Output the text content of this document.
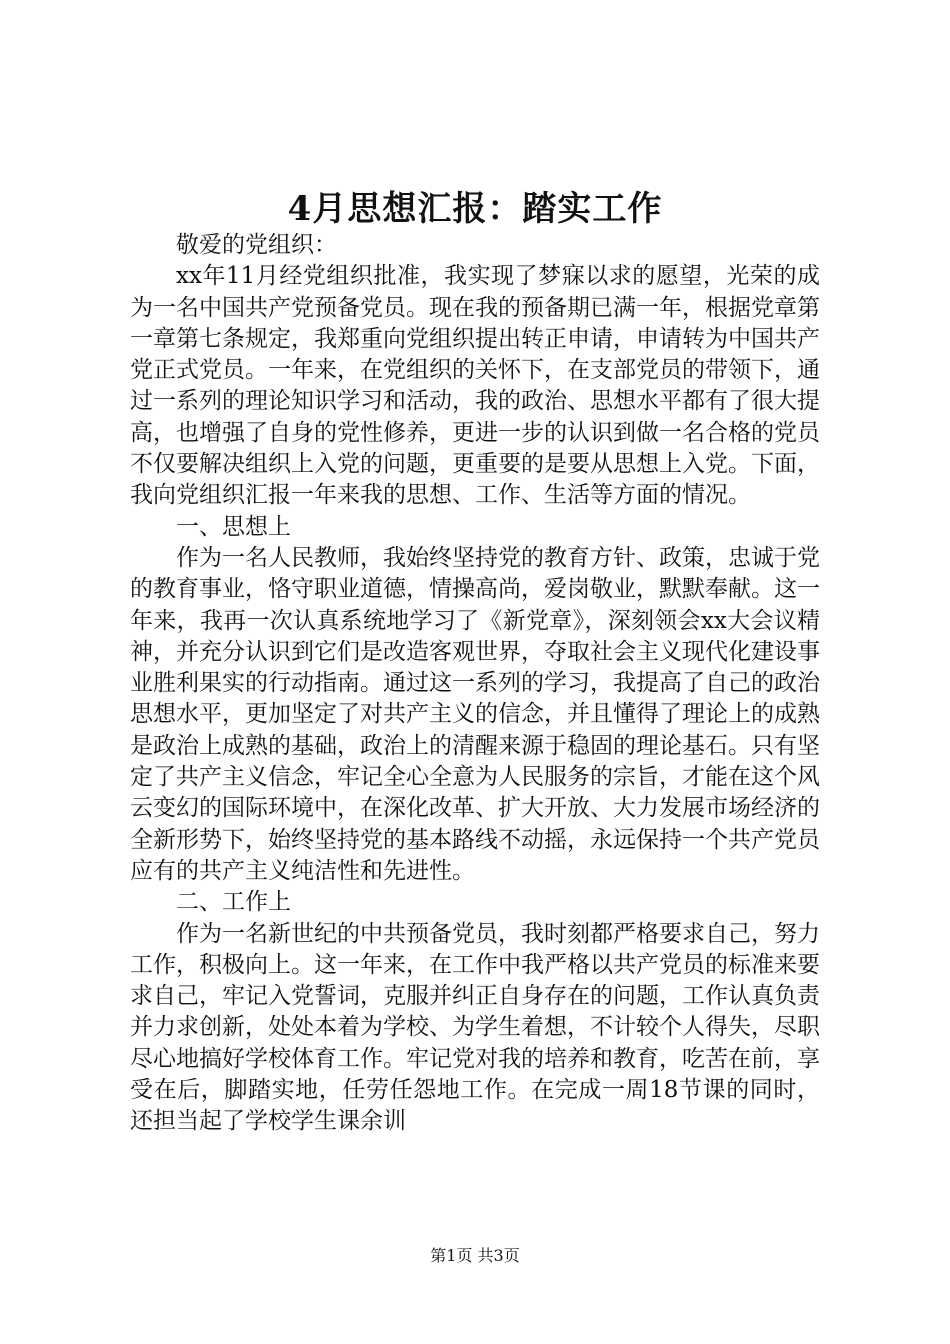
4月思想汇报：踏实工作

敬爱的党组织：

xx年11月经党组织批准，我实现了梦寐以求的愿望，光荣的成为一名中国共产党预备党员。现在我的预备期已满一年，根据党章第一章第七条规定，我郑重向党组织提出转正申请，申请转为中国共产党正式党员。一年来，在党组织的关怀下，在支部党员的带领下，通过一系列的理论知识学习和活动，我的政治、思想水平都有了很大提高，也增强了自身的党性修养，更进一步的认识到做一名合格的党员不仅要解决组织上入党的问题，更重要的是要从思想上入党。下面，我向党组织汇报一年来我的思想、工作、生活等方面的情况。

一、思想上

作为一名人民教师，我始终坚持党的教育方针、政策，忠诚于党的教育事业，恪守职业道德，情操高尚，爱岗敬业，默默奉献。这一年来，我再一次认真系统地学习了《新党章》，深刻领会xx大会议精神，并充分认识到它们是改造客观世界，夺取社会主义现代化建设事业胜利果实的行动指南。通过这一系列的学习，我提高了自己的政治思想水平，更加坚定了对共产主义的信念，并且懂得了理论上的成熟是政治上成熟的基础，政治上的清醒来源于稳固的理论基石。只有坚定了共产主义信念，牢记全心全意为人民服务的宗旨，才能在这个风云变幻的国际环境中，在深化改革、扩大开放、大力发展市场经济的全新形势下，始终坚持党的基本路线不动摇，永远保持一个共产党员应有的共产主义纯洁性和先进性。

二、工作上

作为一名新世纪的中共预备党员，我时刻都严格要求自己，努力工作，积极向上。这一年来，在工作中我严格以共产党员的标准来要求自己，牢记入党誓词，克服并纠正自身存在的问题，工作认真负责并力求创新，处处本着为学校、为学生着想，不计较个人得失，尽职尽心地搞好学校体育工作。牢记党对我的培养和教育，吃苦在前，享受在后，脚踏实地，任劳任怨地工作。在完成一周18节课的同时，还担当起了学校学生课余训

第1页 共3页
